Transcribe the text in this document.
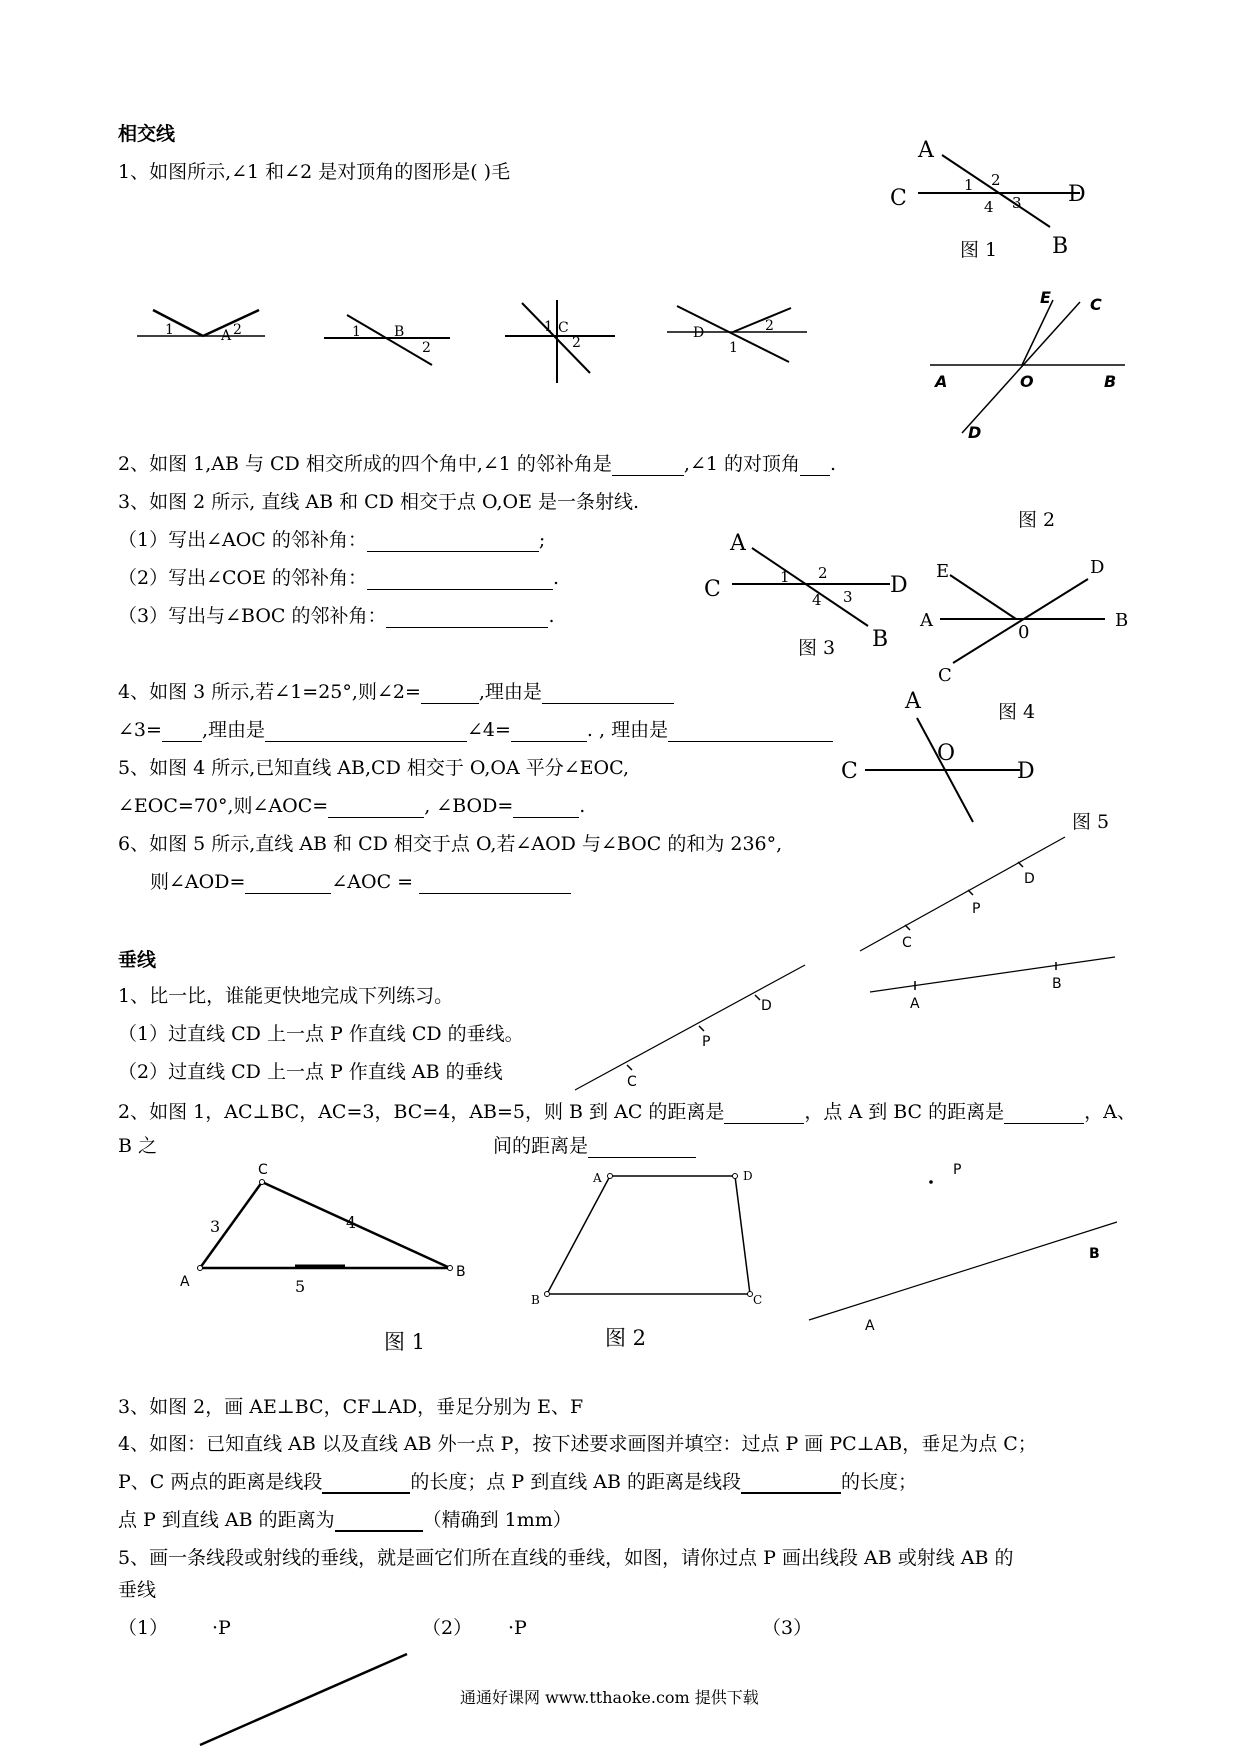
相交线
1、如图所示,∠1 和∠2 是对顶角的图形是( )毛
A
C	D
B
1 2
3
4
图 1
1	A 2	1 B
2
1 C
2
D	2
1
A	O	B
E C
D
2、如图 1,AB 与 CD 相交所成的四个角中,∠1 的邻补角是	,∠1 的对顶角 .
3、如图 2 所示, 直线 AB 和 CD 相交于点 O,OE 是一条射线.
图 2
（1）写出∠AOC 的邻补角：	;
（2）写出∠COE 的邻补角：	.
（3）写出与∠BOC 的邻补角：	.
A
C	D
B
1 2
3
4
图 3
E
A
0
B
D
C
图 4
4、如图 3 所示,若∠1=25°,则∠2=	,理由是
∠3= ,理由是	∠4=	. , 理由是
A
C
O
D
图 5
5、如图 4 所示,已知直线 AB,CD 相交于 O,OA 平分∠EOC,
∠EOC=70°,则∠AOC=	, ∠BOD=	.
6、如图 5 所示,直线 AB 和 CD 相交于点 O,若∠AOD 与∠BOC 的和为 236°,
则∠AOD=	∠AOC =
垂线
1、比一比，谁能更快地完成下列练习。
（1）过直线 CD 上一点 P 作直线 CD 的垂线。
（2）过直线 CD 上一点 P 作直线 AB 的垂线	C
P
D
C
P
D
A
B
2、如图 1，AC⊥BC，AC=3，BC=4，AB=5，则 B 到 AC 的距离是	，点 A 到 BC 的距离是	，A、
B 之	间的距离是
A
B
C
3	4
5
图 1
A	D
C
B
图 2
P
B
A
3、如图 2，画 AE⊥BC，CF⊥AD，垂足分别为 E、F
4、如图：已知直线 AB 以及直线 AB 外一点 P，按下述要求画图并填空：过点 P 画 PC⊥AB，垂足为点 C；
P、C 两点的距离是线段	的长度；点 P 到直线 AB 的距离是线段	的长度；
点 P 到直线 AB 的距离为	（精确到 1mm）
5、画一条线段或射线的垂线，就是画它们所在直线的垂线，如图，请你过点 P 画出线段 AB 或射线 AB 的
垂线
（1） ·P	（2） ·P	（3）
通通好课网 www.tthaoke.com 提供下载
